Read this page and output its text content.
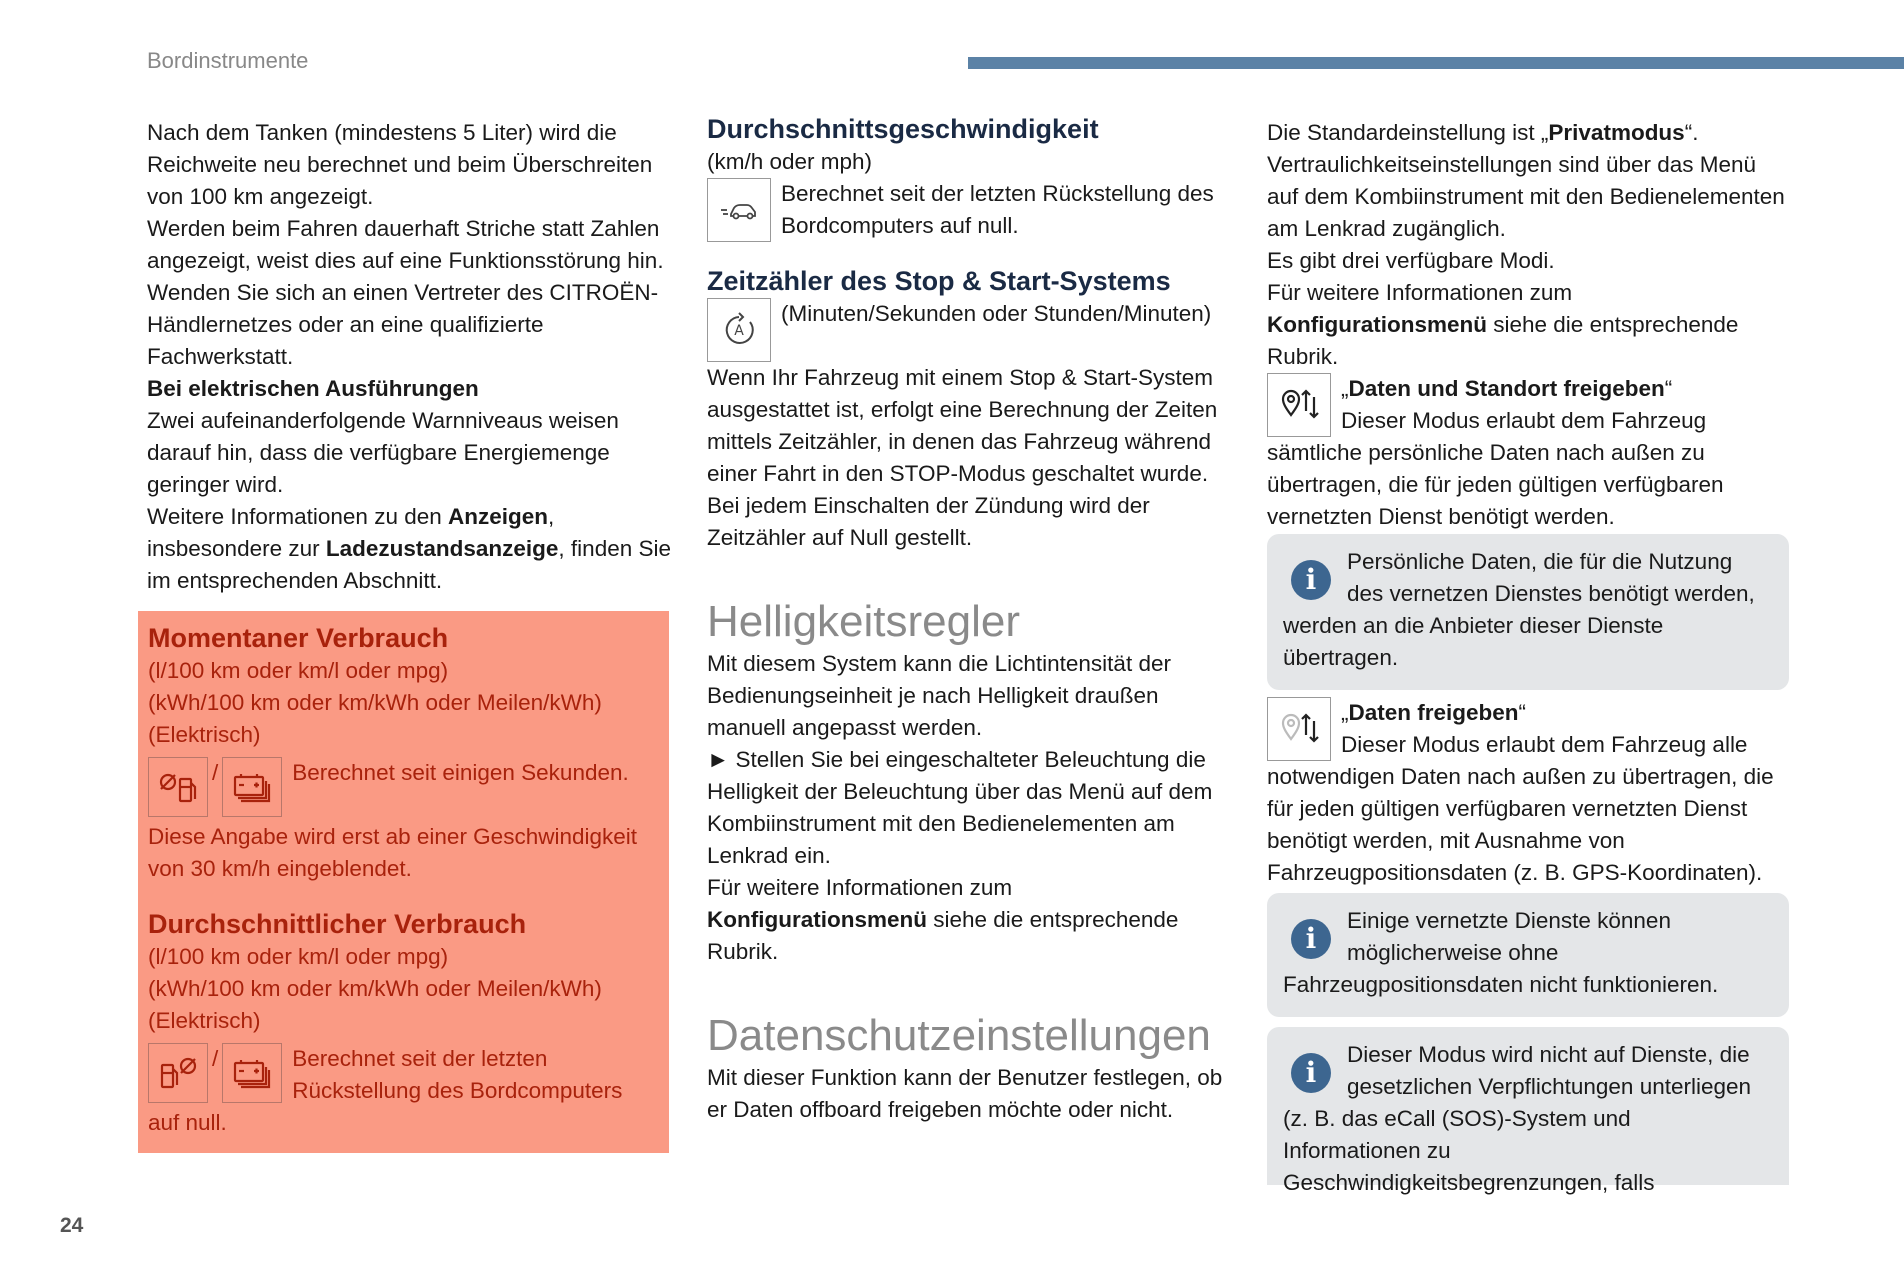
Bordinstrumente

Nach dem Tanken (mindestens 5 Liter) wird die Reichweite neu berechnet und beim Überschreiten von 100 km angezeigt.

Werden beim Fahren dauerhaft Striche statt Zahlen angezeigt, weist dies auf eine Funktionsstörung hin. Wenden Sie sich an einen Vertreter des CITROËN-Händlernetzes oder an eine qualifizierte Fachwerkstatt.

Bei elektrischen Ausführungen

Zwei aufeinanderfolgende Warnniveaus weisen darauf hin, dass die verfügbare Energiemenge geringer wird.

Weitere Informationen zu den Anzeigen, insbesondere zur Ladezustandsanzeige, finden Sie im entsprechenden Abschnitt.

Momentaner Verbrauch

(l/100 km oder km/l oder mpg)

(kWh/100 km oder km/kWh oder Meilen/kWh)

(Elektrisch)

/	Berechnet seit einigen Sekunden.

Diese Angabe wird erst ab einer Geschwindigkeit von 30 km/h eingeblendet.

Durchschnittlicher Verbrauch

(l/100 km oder km/l oder mpg)

(kWh/100 km oder km/kWh oder Meilen/kWh)

(Elektrisch)

/	Berechnet seit der letzten Rückstellung des Bordcomputers

auf null.

Durchschnittsgeschwindigkeit

(km/h oder mph)

Berechnet seit der letzten Rückstellung des Bordcomputers auf null.

Zeitzähler des Stop & Start-Systems

A
(Minuten/Sekunden oder Stunden/Minuten)

Wenn Ihr Fahrzeug mit einem Stop & Start-System ausgestattet ist, erfolgt eine Berechnung der Zeiten mittels Zeitzähler, in denen das Fahrzeug während einer Fahrt in den STOP-Modus geschaltet wurde.

Bei jedem Einschalten der Zündung wird der Zeitzähler auf Null gestellt.

Helligkeitsregler

Mit diesem System kann die Lichtintensität der Bedienungseinheit je nach Helligkeit draußen manuell angepasst werden.

► Stellen Sie bei eingeschalteter Beleuchtung die Helligkeit der Beleuchtung über das Menü auf dem Kombiinstrument mit den Bedienelementen am Lenkrad ein.

Für weitere Informationen zum Konfigurationsmenü siehe die entsprechende Rubrik.

Datenschutzeinstellungen

Mit dieser Funktion kann der Benutzer festlegen, ob er Daten offboard freigeben möchte oder nicht.

Die Standardeinstellung ist „Privatmodus“.

Vertraulichkeitseinstellungen sind über das Menü auf dem Kombiinstrument mit den Bedienelementen am Lenkrad zugänglich.

Es gibt drei verfügbare Modi.

Für weitere Informationen zum Konfigurationsmenü siehe die entsprechende Rubrik.

„Daten und Standort freigeben“
Dieser Modus erlaubt dem Fahrzeug

sämtliche persönliche Daten nach außen zu übertragen, die für jeden gültigen verfügbaren vernetzten Dienst benötigt werden.

i
Persönliche Daten, die für die Nutzung des vernetzen Dienstes benötigt werden, werden an die Anbieter dieser Dienste übertragen.
„Daten freigeben“
Dieser Modus erlaubt dem Fahrzeug alle

notwendigen Daten nach außen zu übertragen, die für jeden gültigen verfügbaren vernetzten Dienst benötigt werden, mit Ausnahme von Fahrzeugpositionsdaten (z. B. GPS-Koordinaten).

i
Einige vernetzte Dienste können möglicherweise ohne Fahrzeugpositionsdaten nicht funktionieren.
i
Dieser Modus wird nicht auf Dienste, die gesetzlichen Verpflichtungen unterliegen (z. B. das eCall (SOS)-System und Informationen zu Geschwindigkeitsbegrenzungen, falls
24
